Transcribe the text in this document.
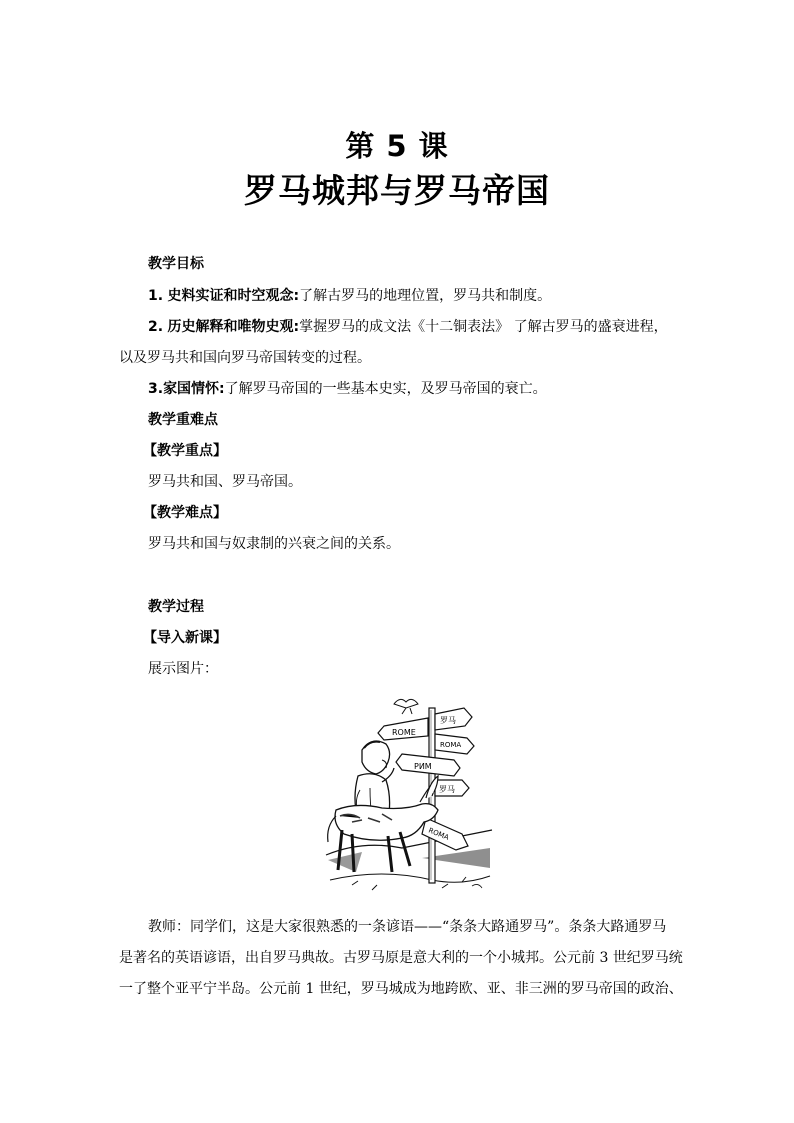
第 5 课
罗马城邦与罗马帝国
教学目标
1. 史料实证和时空观念:了解古罗马的地理位置，罗马共和制度。
2. 历史解释和唯物史观:掌握罗马的成文法《十二铜表法》 了解古罗马的盛衰进程，
以及罗马共和国向罗马帝国转变的过程。
3.家国情怀:了解罗马帝国的一些基本史实，及罗马帝国的衰亡。
教学重难点
【教学重点】
罗马共和国、罗马帝国。
【教学难点】
罗马共和国与奴隶制的兴衰之间的关系。
教学过程
【导入新课】
展示图片：
ROME
罗马
ROMA
РИМ
罗马
ROMA
教师：同学们，这是大家很熟悉的一条谚语——“条条大路通罗马”。条条大路通罗马
是著名的英语谚语，出自罗马典故。古罗马原是意大利的一个小城邦。公元前 3 世纪罗马统
一了整个亚平宁半岛。公元前 1 世纪，罗马城成为地跨欧、亚、非三洲的罗马帝国的政治、
